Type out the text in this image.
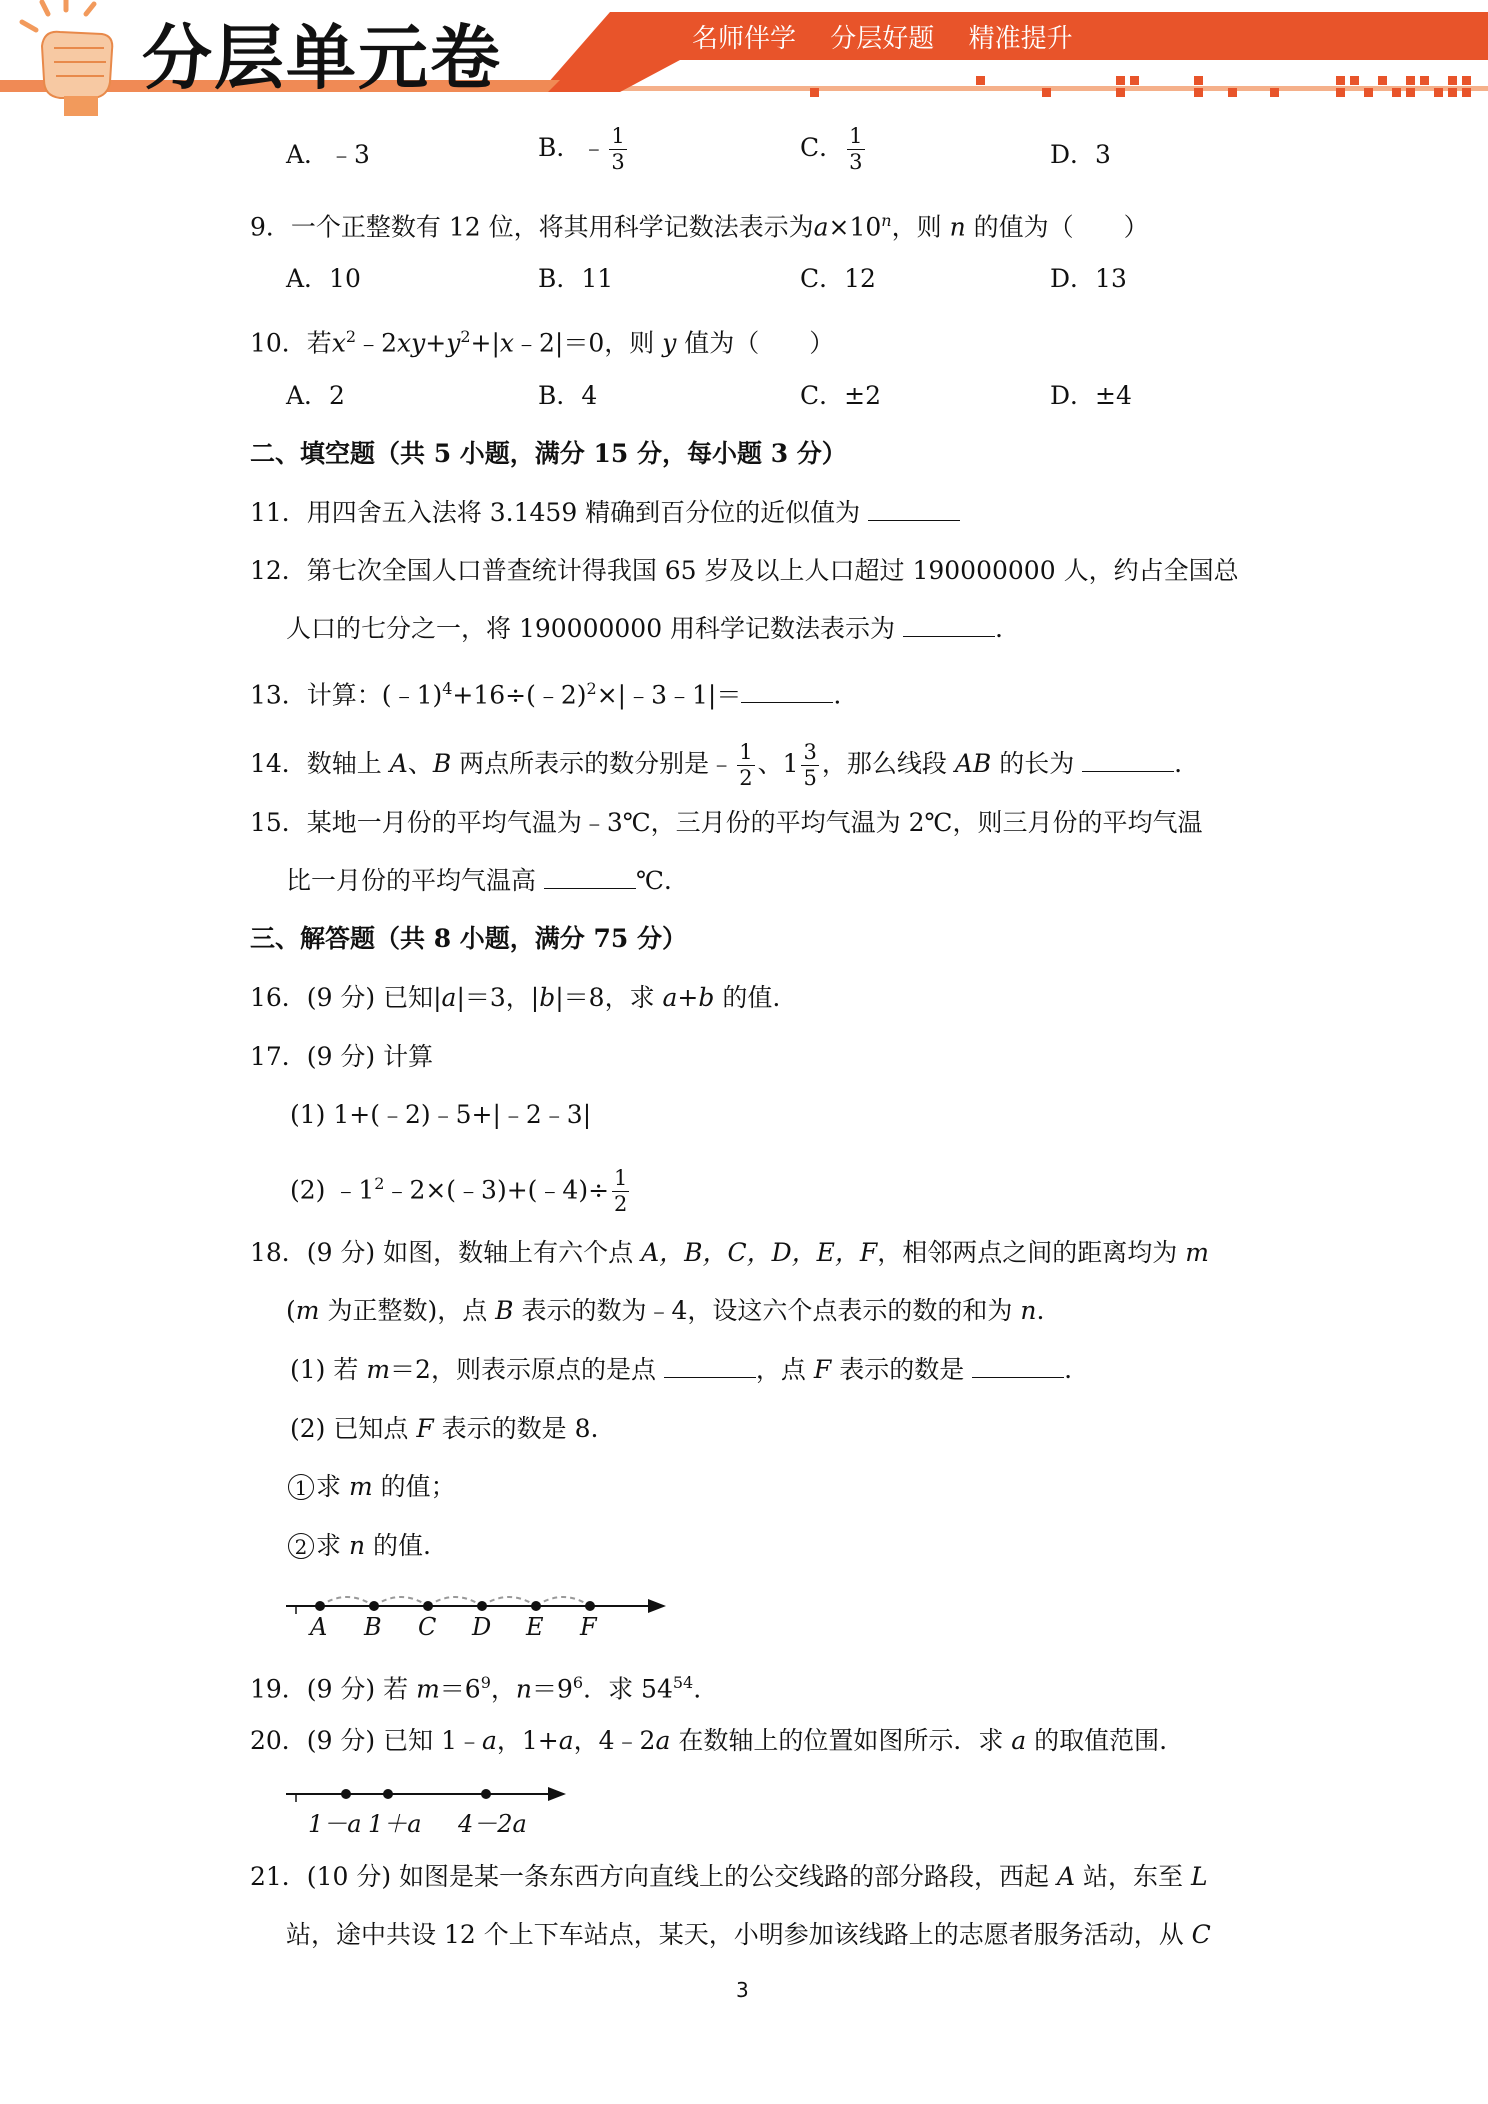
分层单元卷	名师伴学 分层好题 精准提升
A．﹣3	B．﹣ $\frac{1}{3}$	C． $\frac{1}{3}$	D．3
9．一个正整数有 12 位，将其用科学记数法表示为$a\times 10^n$，则 n 的值为（　　）
A．10	B．11	C．12	D．13
10．若$x^2﹣2xy+y^2+|x﹣2|=0$，则 y 值为（　　）
A．2	B．4	C．±2	D．±4
二、填空题（共 5 小题，满分 15 分，每小题 3 分）
11．用四舍五入法将 3.1459 精确到百分位的近似值为
12．第七次全国人口普查统计得我国 65 岁及以上人口超过 190000000 人，约占全国总
人口的七分之一，将 190000000 用科学记数法表示为	.
13．计算：(﹣1)$^4$+16÷(﹣2)$^2$×|﹣3﹣1|＝	.
14．数轴上 A、B 两点所表示的数分别是﹣ $\frac{1}{2}$ 、$1 \frac{3}{5}$ ，那么线段 AB 的长为	.
15．某地一月份的平均气温为﹣3℃，三月份的平均气温为 2℃，则三月份的平均气温
比一月份的平均气温高	℃.
三、解答题（共 8 小题，满分 75 分）
16．(9 分) 已知|a|＝3，|b|＝8，求 a+b 的值.
17．(9 分) 计算
(1) 1+(﹣2)﹣5+|﹣2﹣3|
(2) $﹣1^2﹣2\times(﹣3)+(﹣4)\div \frac{1}{2}$
18．(9 分) 如图，数轴上有六个点 A，B，C，D，E，F，相邻两点之间的距离均为 m
(m 为正整数)，点 B 表示的数为﹣4，设这六个点表示的数的和为 n.
(1) 若 m＝2，则表示原点的是点	，点 F 表示的数是	.
(2) 已知点 F 表示的数是 8.
1 求 m 的值；
2 求 n 的值.
A B C D E F
19．(9 分) 若 $m=6^9$，$n=9^6$．求 $54^{54}$.
20．(9 分) 已知 1﹣a，1+a，4﹣2a 在数轴上的位置如图所示．求 a 的取值范围.
1－a 1＋a 4－2a
21．(10 分) 如图是某一条东西方向直线上的公交线路的部分路段，西起 A 站，东至 L
站，途中共设 12 个上下车站点，某天，小明参加该线路上的志愿者服务活动，从 C
3
